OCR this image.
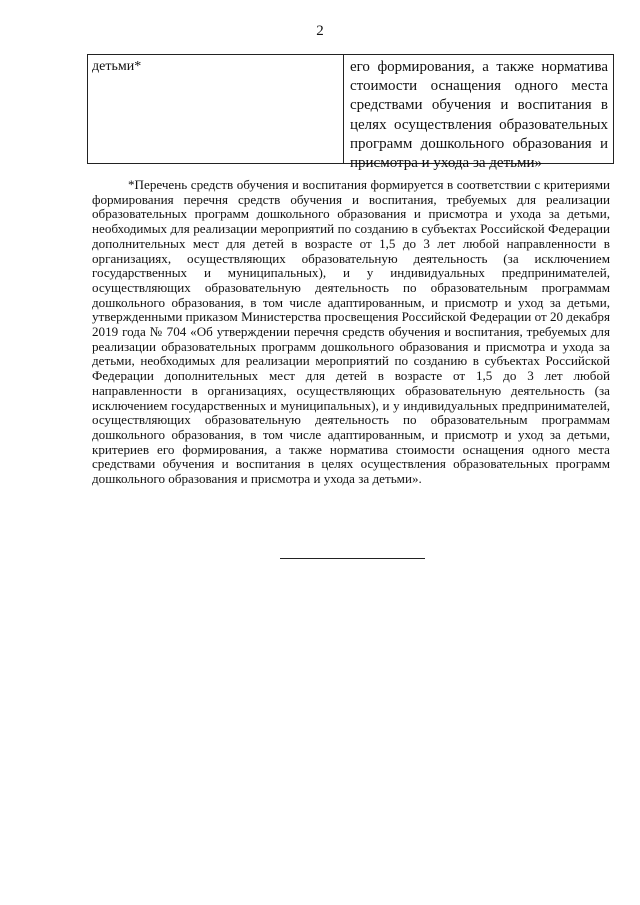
2
детьми*	его формирования, а также норматива стоимости оснащения одного места средствами обучения и воспитания в целях осуществления образовательных программ дошкольного образования и присмотра и ухода за детьми»

*Перечень средств обучения и воспитания формируется в соответствии с критериями формирования перечня средств обучения и воспитания, требуемых для реализации образовательных программ дошкольного образования и присмотра и ухода за детьми, необходимых для реализации мероприятий по созданию в субъектах Российской Федерации дополнительных мест для детей в возрасте от 1,5 до 3 лет любой направленности в организациях, осуществляющих образовательную деятельность (за исключением государственных и муниципальных), и у индивидуальных предпринимателей, осуществляющих образовательную деятельность по образовательным программам дошкольного образования, в том числе адаптированным, и присмотр и уход за детьми, утвержденными приказом Министерства просвещения Российской Федерации от 20 декабря 2019 года № 704 «Об утверждении перечня средств обучения и воспитания, требуемых для реализации образовательных программ дошкольного образования и присмотра и ухода за детьми, необходимых для реализации мероприятий по созданию в субъектах Российской Федерации дополнительных мест для детей в возрасте от 1,5 до 3 лет любой направленности в организациях, осуществляющих образовательную деятельность (за исключением государственных и муниципальных), и у индивидуальных предпринимателей, осуществляющих образовательную деятельность по образовательным программам дошкольного образования, в том числе адаптированным, и присмотр и уход за детьми, критериев его формирования, а также норматива стоимости оснащения одного места средствами обучения и воспитания в целях осуществления образовательных программ дошкольного образования и присмотра и ухода за детьми».
